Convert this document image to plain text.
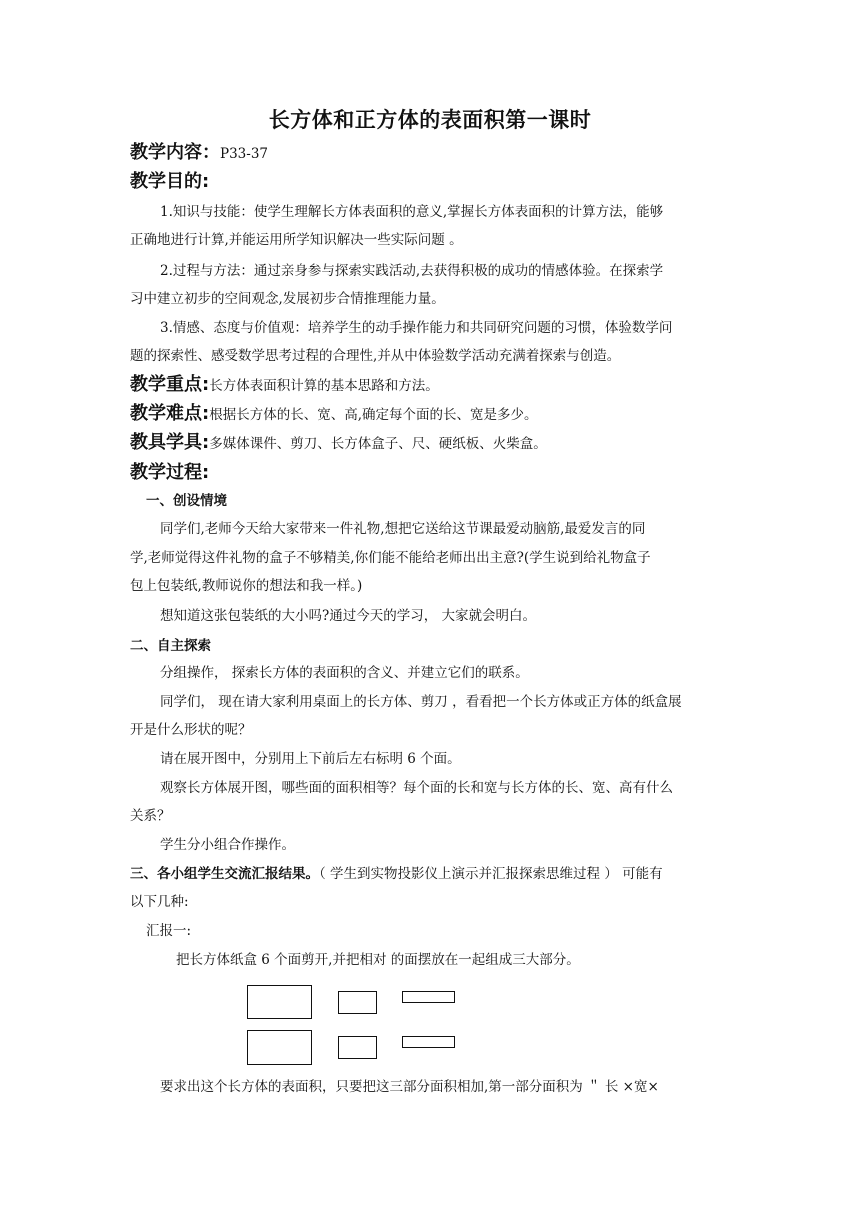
长方体和正方体的表面积第一课时
教学内容：P33-37
教学目的:
1.知识与技能：使学生理解长方体表面积的意义,掌握长方体表面积的计算方法，能够
正确地进行计算,并能运用所学知识解决一些实际问题 。
2.过程与方法：通过亲身参与探索实践活动,去获得积极的成功的情感体验。在探索学
习中建立初步的空间观念,发展初步合情推理能力量。
3.情感、态度与价值观：培养学生的动手操作能力和共同研究问题的习惯，体验数学问
题的探索性、感受数学思考过程的合理性,并从中体验数学活动充满着探索与创造。
教学重点:长方体表面积计算的基本思路和方法。
教学难点:根据长方体的长、宽、高,确定每个面的长、宽是多少。
教具学具:多媒体课件、剪刀、长方体盒子、尺、硬纸板、火柴盒。
教学过程:
一、创设情境
同学们,老师今天给大家带来一件礼物,想把它送给这节课最爱动脑筋,最爱发言的同
学,老师觉得这件礼物的盒子不够精美,你们能不能给老师出出主意?(学生说到给礼物盒子
包上包装纸,教师说你的想法和我一样。)
想知道这张包装纸的大小吗?通过今天的学习， 大家就会明白。
二、自主探索
分组操作， 探索长方体的表面积的含义、并建立它们的联系。
同学们， 现在请大家利用桌面上的长方体、剪刀 ，看看把一个长方体或正方体的纸盒展
开是什么形状的呢？
请在展开图中，分别用上下前后左右标明 6 个面。
观察长方体展开图，哪些面的面积相等？每个面的长和宽与长方体的长、宽、高有什么
关系？
学生分小组合作操作。
三、各小组学生交流汇报结果。（ 学生到实物投影仪上演示并汇报探索思维过程 ） 可能有
以下几种:
汇报一:
把长方体纸盒 6 个面剪开,并把相对 的面摆放在一起组成三大部分。
要求出这个长方体的表面积，只要把这三部分面积相加,第一部分面积为 ＂ 长 ×宽×
